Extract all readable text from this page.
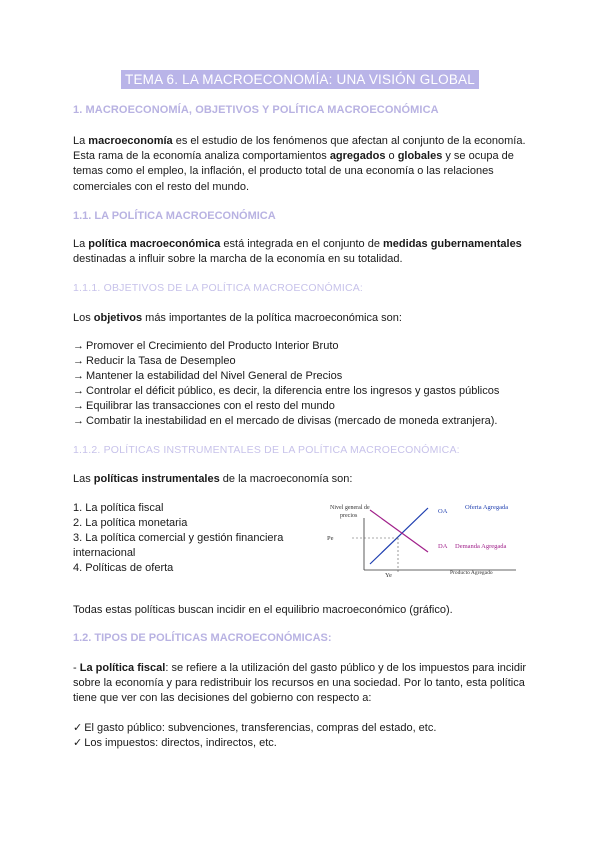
TEMA 6. LA MACROECONOMÍA: UNA VISIÓN GLOBAL
1. MACROECONOMÍA, OBJETIVOS Y POLÍTICA MACROECONÓMICA
La macroeconomía es el estudio de los fenómenos que afectan al conjunto de la economía. Esta rama de la economía analiza comportamientos agregados o globales y se ocupa de temas como el empleo, la inflación, el producto total de una economía o las relaciones comerciales con el resto del mundo.
1.1. LA POLÍTICA MACROECONÓMICA
La política macroeconómica está integrada en el conjunto de medidas gubernamentales destinadas a influir sobre la marcha de la economía en su totalidad.
1.1.1. OBJETIVOS DE LA POLÍTICA MACROECONÓMICA:
Los objetivos más importantes de la política macroeconómica son:
→ Promover el Crecimiento del Producto Interior Bruto
→ Reducir la Tasa de Desempleo
→ Mantener la estabilidad del Nivel General de Precios
→ Controlar el déficit público, es decir, la diferencia entre los ingresos y gastos públicos
→ Equilibrar las transacciones con el resto del mundo
→ Combatir la inestabilidad en el mercado de divisas (mercado de moneda extranjera).
1.1.2. POLÍTICAS INSTRUMENTALES DE LA POLÍTICA MACROECONÓMICA:
Las políticas instrumentales de la macroeconomía son:
1. La política fiscal
2. La política monetaria
3. La política comercial y gestión financiera
internacional
4. Políticas de oferta
Nivel general de
precios
OA
Oferta Agregada
DA Demanda Agregada
Pe
Ye	Producto Agregado
Todas estas políticas buscan incidir en el equilibrio macroeconómico (gráfico).
1.2. TIPOS DE POLÍTICAS MACROECONÓMICAS:
- La política fiscal: se refiere a la utilización del gasto público y de los impuestos para incidir sobre la economía y para redistribuir los recursos en una sociedad. Por lo tanto, esta política tiene que ver con las decisiones del gobierno con respecto a:
✓ El gasto público: subvenciones, transferencias, compras del estado, etc.
✓ Los impuestos: directos, indirectos, etc.
